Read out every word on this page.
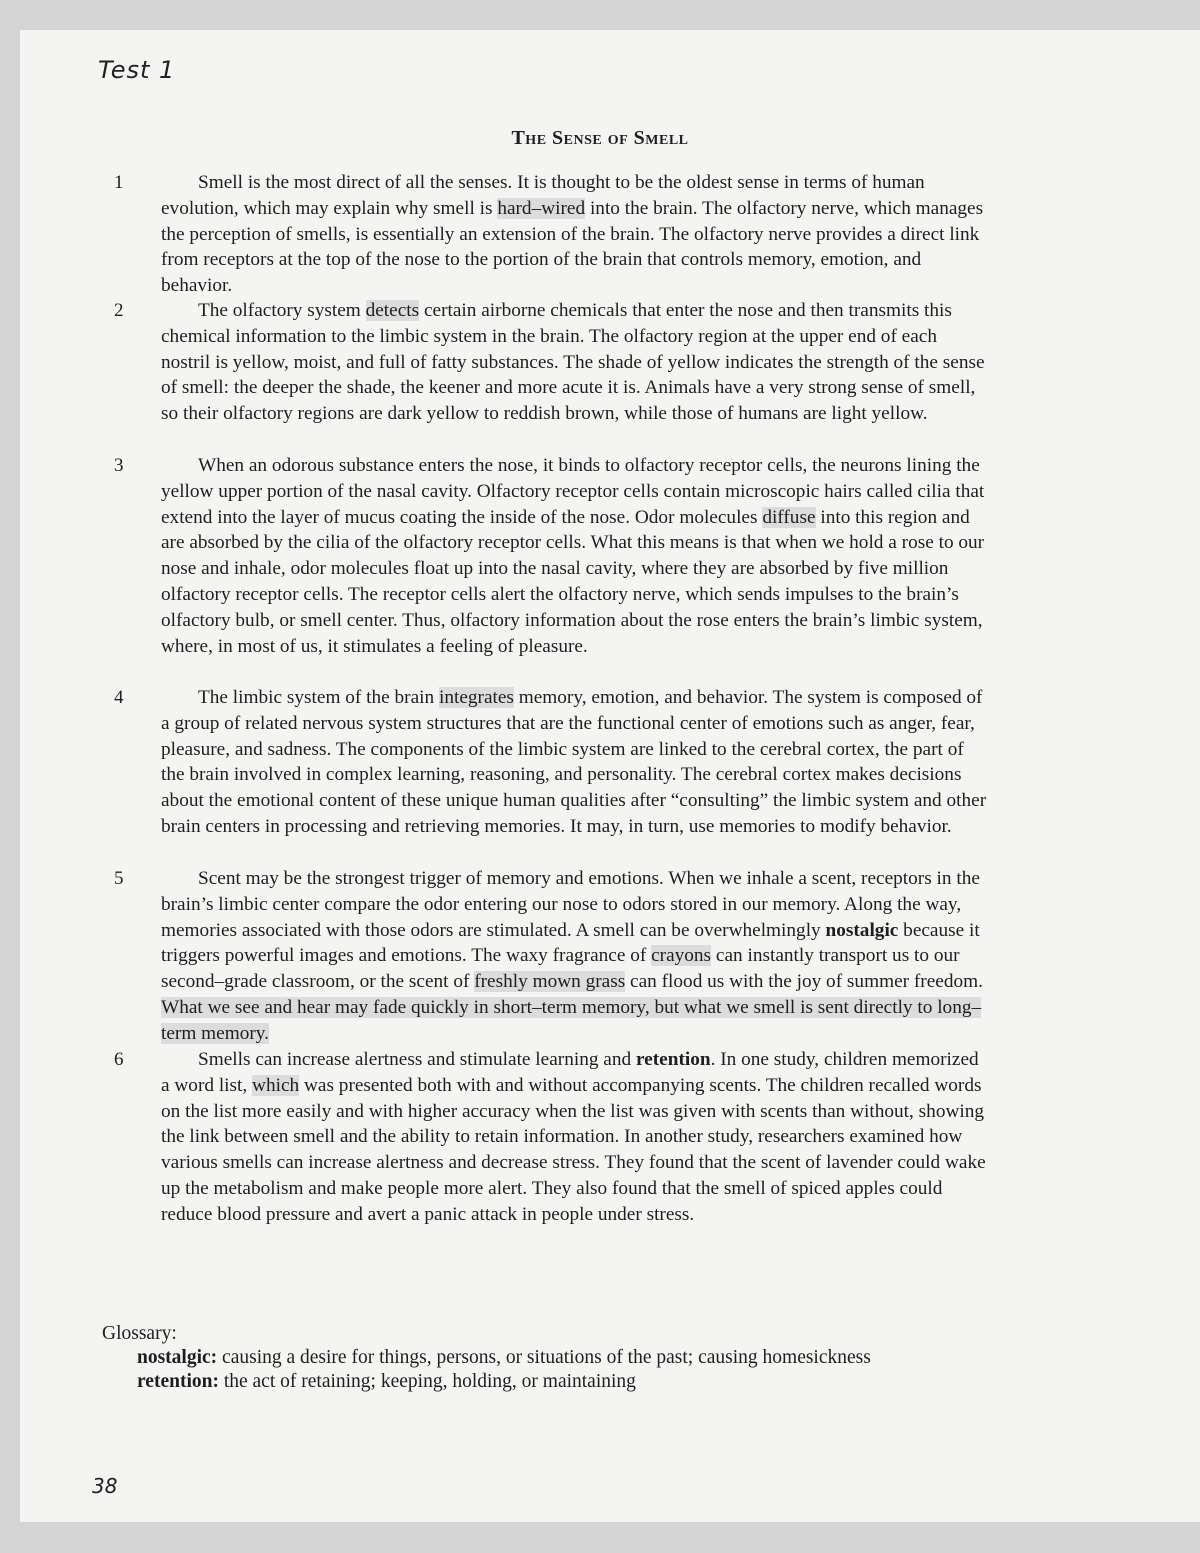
Test 1
The Sense of Smell
1	Smell is the most direct of all the senses. It is thought to be the oldest sense in terms of human evolution, which may explain why smell is hard–wired into the brain. The olfactory nerve, which manages the perception of smells, is essentially an extension of the brain. The olfactory nerve provides a direct link from receptors at the top of the nose to the portion of the brain that controls memory, emotion, and behavior.

2	The olfactory system detects certain airborne chemicals that enter the nose and then transmits this chemical information to the limbic system in the brain. The olfactory region at the upper end of each nostril is yellow, moist, and full of fatty substances. The shade of yellow indicates the strength of the sense of smell: the deeper the shade, the keener and more acute it is. Animals have a very strong sense of smell, so their olfactory regions are dark yellow to reddish brown, while those of humans are light yellow.

3	When an odorous substance enters the nose, it binds to olfactory receptor cells, the neurons lining the yellow upper portion of the nasal cavity. Olfactory receptor cells contain microscopic hairs called cilia that extend into the layer of mucus coating the inside of the nose. Odor molecules diffuse into this region and are absorbed by the cilia of the olfactory receptor cells. What this means is that when we hold a rose to our nose and inhale, odor molecules float up into the nasal cavity, where they are absorbed by five million olfactory receptor cells. The receptor cells alert the olfactory nerve, which sends impulses to the brain’s olfactory bulb, or smell center. Thus, olfactory information about the rose enters the brain’s limbic system, where, in most of us, it stimulates a feeling of pleasure.

4	The limbic system of the brain integrates memory, emotion, and behavior. The system is composed of a group of related nervous system structures that are the functional center of emotions such as anger, fear, pleasure, and sadness. The components of the limbic system are linked to the cerebral cortex, the part of the brain involved in complex learning, reasoning, and personality. The cerebral cortex makes decisions about the emotional content of these unique human qualities after “consulting” the limbic system and other brain centers in processing and retrieving memories. It may, in turn, use memories to modify behavior.

5	Scent may be the strongest trigger of memory and emotions. When we inhale a scent, receptors in the brain’s limbic center compare the odor entering our nose to odors stored in our memory. Along the way, memories associated with those odors are stimulated. A smell can be overwhelmingly nostalgic because it triggers powerful images and emotions. The waxy fragrance of crayons can instantly transport us to our second–grade classroom, or the scent of freshly mown grass can flood us with the joy of summer freedom. What we see and hear may fade quickly in short–term memory, but what we smell is sent directly to long–term memory.

6	Smells can increase alertness and stimulate learning and retention. In one study, children memorized a word list, which was presented both with and without accompanying scents. The children recalled words on the list more easily and with higher accuracy when the list was given with scents than without, showing the link between smell and the ability to retain information. In another study, researchers examined how various smells can increase alertness and decrease stress. They found that the scent of lavender could wake up the metabolism and make people more alert. They also found that the smell of spiced apples could reduce blood pressure and avert a panic attack in people under stress.

Glossary:
nostalgic: causing a desire for things, persons, or situations of the past; causing homesickness
retention: the act of retaining; keeping, holding, or maintaining
38
